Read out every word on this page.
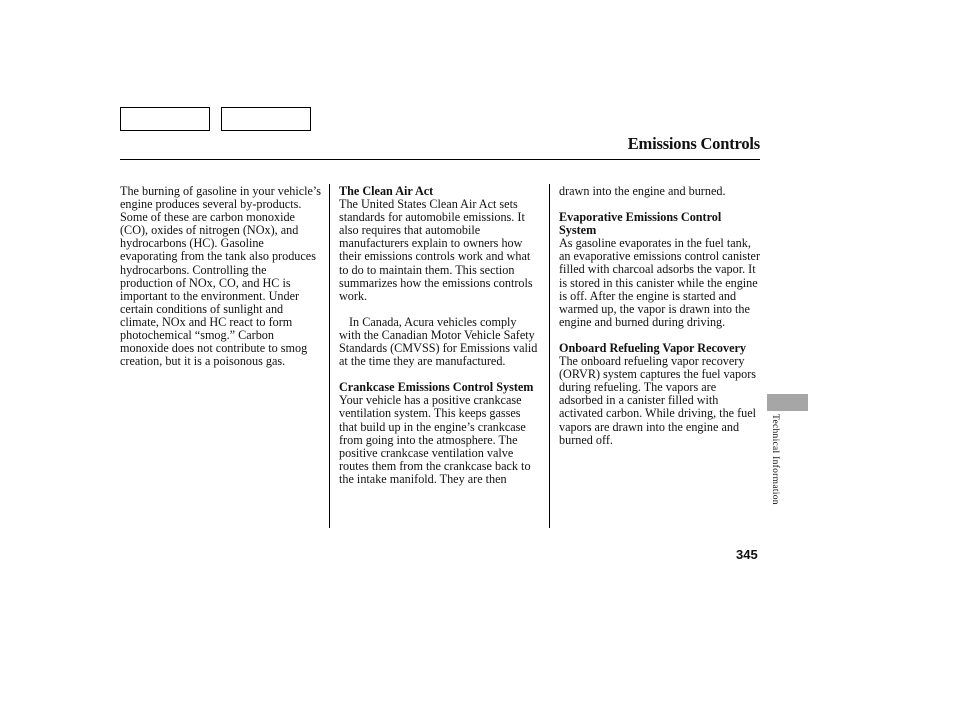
Emissions Controls

The burning of gasoline in your vehicle’s engine produces several by-products. Some of these are carbon monoxide (CO), oxides of nitrogen (NOx), and hydrocarbons (HC). Gasoline evaporating from the tank also produces hydrocarbons. Controlling the production of NOx, CO, and HC is important to the environment. Under certain conditions of sunlight and climate, NOx and HC react to form photochemical “smog.” Carbon monoxide does not contribute to smog creation, but it is a poisonous gas.

The Clean Air Act

The United States Clean Air Act sets standards for automobile emissions. It also requires that automobile manufacturers explain to owners how their emissions controls work and what to do to maintain them. This section summarizes how the emissions controls work.

In Canada, Acura vehicles comply with the Canadian Motor Vehicle Safety Standards (CMVSS) for Emissions valid at the time they are manufactured.

Crankcase Emissions Control System

Your vehicle has a positive crankcase ventilation system. This keeps gasses that build up in the engine’s crankcase from going into the atmosphere. The positive crankcase ventilation valve routes them from the crankcase back to the intake manifold. They are then

drawn into the engine and burned.

Evaporative Emissions Control System

As gasoline evaporates in the fuel tank, an evaporative emissions control canister filled with charcoal adsorbs the vapor. It is stored in this canister while the engine is off. After the engine is started and warmed up, the vapor is drawn into the engine and burned during driving.

Onboard Refueling Vapor Recovery

The onboard refueling vapor recovery (ORVR) system captures the fuel vapors during refueling. The vapors are adsorbed in a canister filled with activated carbon. While driving, the fuel vapors are drawn into the engine and burned off.	Technical Information
345
